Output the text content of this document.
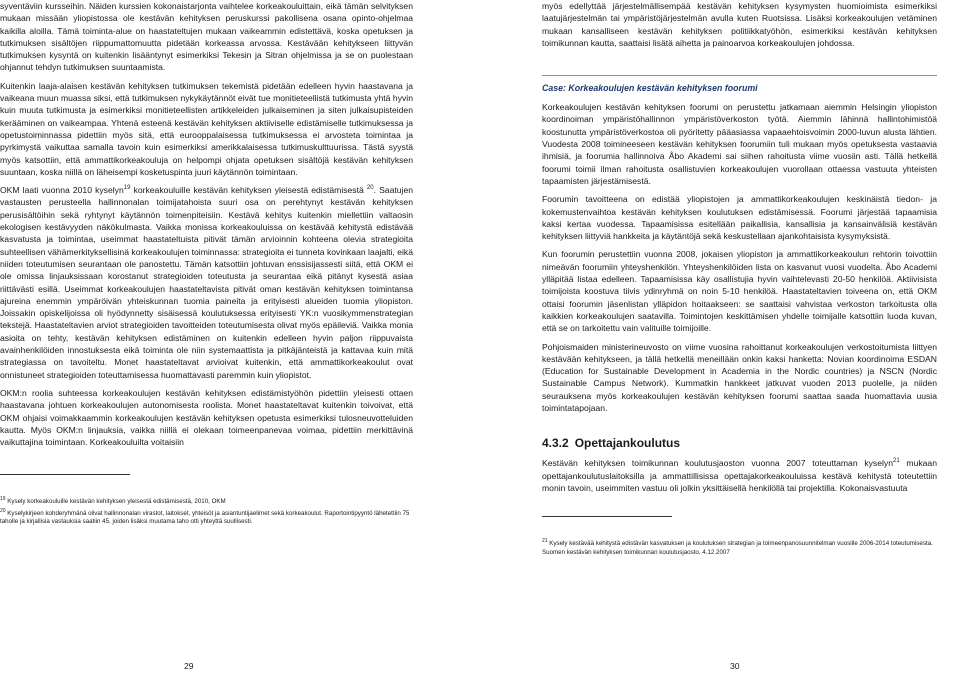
syventäviin kursseihin. Näiden kurssien kokonaistarjonta vaihtelee korkeakouluittain, eikä tämän selvityksen mukaan missään yliopistossa ole kestävän kehityksen peruskurssi pakollisena osana opinto-ohjelmaa kaikilla aloilla. Tämä toiminta-alue on haastateltujen mukaan vaikeammin edistettävä, koska opetuksen ja tutkimuksen sisältöjen riippumattomuutta pidetään korkeassa arvossa. Kestävään kehitykseen liittyvän tutkimuksen kysyntä on kuitenkin lisääntynyt esimerkiksi Tekesin ja Sitran ohjelmissa ja se on puolestaan ohjannut tehdyn tutkimuksen suuntaamista.

Kuitenkin laaja-alaisen kestävän kehityksen tutkimuksen tekemistä pidetään edelleen hyvin haastavana ja vaikeana muun muassa siksi, että tutkimuksen nykykäytännöt eivät tue monitieteellistä tutkimusta yhtä hyvin kuin muuta tutkimusta ja esimerkiksi monitieteellisten artikkeleiden julkaiseminen ja siten julkaisupisteiden kerääminen on vaikeampaa. Yhtenä esteenä kestävän kehityksen aktiiviselle edistämiselle tutkimuksessa ja opetustoiminnassa pidettiin myös sitä, että eurooppalaisessa tutkimuksessa ei arvosteta toimintaa ja pyrkimystä vaikuttaa samalla tavoin kuin esimerkiksi amerikkalaisessa tutkimuskulttuurissa. Tästä syystä myös katsottiin, että ammattikorkeakouluja on helpompi ohjata opetuksen sisältöjä kestävän kehityksen suuntaan, koska niillä on läheisempi kosketuspinta juuri käytännön toimintaan.

OKM laati vuonna 2010 kyselyn$^{19}$ korkeakouluille kestävän kehityksen yleisestä edistämisestä $^{20}$. Saatujen vastausten perusteella hallinnonalan toimijatahoista suuri osa on perehtynyt kestävän kehityksen perusisältöihin sekä ryhtynyt käytännön toimenpiteisiin. Kestävä kehitys kuitenkin miellettiin valtaosin ekologisen kestävyyden näkökulmasta. Vaikka monissa korkeakouluissa on kestävää kehitystä edistävää kasvatusta ja toimintaa, useimmat haastateltuista pitivät tämän arvioinnin kohteena olevia strategioita suhteellisen vähämerkityksellisinä korkeakoulujen toiminnassa: strategioita ei tunneta kovinkaan laajalti, eikä niiden toteutumisen seurantaan ole panostettu. Tämän katsottiin johtuvan enssisijassesti siitä, että OKM ei ole omissa linjauksissaan korostanut strategioiden toteutusta ja seurantaa eikä pitänyt kysestä asiaa riittävästi esillä. Useimmat korkeakoulujen haastateltavista pitivät oman kestävän kehityksen toimintansa ajureina enemmin ympäröivän yhteiskunnan tuomia paineita ja erityisesti alueiden tuomia yliopiston. Joissakin opiskelijoissa oli hyödynnetty sisäisessä koulutuksessa erityisesti YK:n vuosikymmenstrategian tekstejä. Haastateltavien arviot strategioiden tavoitteiden toteutumisesta olivat myös epäileviä. Vaikka monia asioita on tehty, kestävän kehityksen edistäminen on kuitenkin edelleen hyvin paljon riippuvaista avainhenkilöiden innostuksesta eikä toiminta ole niin systemaattista ja pitkäjänteistä ja kattavaa kuin mitä strategiassa on tavoiteltu. Monet haastateltavat arvioivat kuitenkin, että ammattikorkeakoulut ovat onnistuneet strategioiden toteuttamisessa huomattavasti paremmin kuin yliopistot.

OKM:n roolia suhteessa korkeakoulujen kestävän kehityksen edistämistyöhön pidettiin yleisesti ottaen haastavana johtuen korkeakoulujen autonomisesta roolista. Monet haastateltavat kuitenkin toivoivat, että OKM ohjaisi voimakkaammin korkeakoulujen kestävän kehityksen opetusta esimerkiksi tulosneuvotteluiden kautta. Myös OKM:n linjauksia, vaikka niillä ei olekaan toimeenpanevaa voimaa, pidettiin merkittävinä vaikuttajina toimintaan. Korkeakouluilta voitaisiin

$^{19}$ Kysely korkeakouluille kestävän kehityksen yleisestä edistämisestä, 2010, OKM

$^{20}$ Kyselykirjeen kohderyhmänä olivat hallinnonalan virastot, laitokset, yhteisöt ja asiantuntijaelimet sekä korkeakoulut. Raportointipyyntö lähetettiin 75 taholle ja kirjallisia vastauksia saatiin 45, joiden lisäksi muutama taho otti yhteyttä suullisesti.

29

myös edellyttää järjestelmällisempää kestävän kehityksen kysymysten huomioimista esimerkiksi laatujärjestelmän tai ympäristöjärjestelmän avulla kuten Ruotsissa. Lisäksi korkeakoulujen vetäminen mukaan kansalliseen kestävän kehityksen politiikkatyöhön, esimerkiksi kestävän kehityksen toimikunnan kautta, saattaisi lisätä aihetta ja painoarvoa korkeakoulujen johdossa.

Case: Korkeakoulujen kestävän kehityksen foorumi

Korkeakoulujen kestävän kehityksen foorumi on perustettu jatkamaan aiemmin Helsingin yliopiston koordinoiman ympäristöhallinnon ympäristöverkoston työtä. Aiemmin lähinnä hallintohimistöä koostunutta ympäristöverkostoa oli pyöritetty pääasiassa vapaaehtoisvoimin 2000-luvun alusta lähtien. Vuodesta 2008 toimineeseen kestävän kehityksen foorumiin tuli mukaan myös opetuksesta vastaavia ihmisiä, ja foorumia hallinnoiva Åbo Akademi sai siihen rahoitusta viime vuosiin asti. Tällä hetkellä foorumi toimii ilman rahoitusta osallistuvien korkeakoulujen vuorollaan ottaessa vastuuta yhteisten tapaamisten järjestämisestä.

Foorumin tavoitteena on edistää yliopistojen ja ammattikorkeakoulujen keskinäistä tiedon- ja kokemustenvaihtoa kestävän kehityksen koulutuksen edistämisessä. Foorumi järjestää tapaamisia kaksi kertaa vuodessa. Tapaamisissa esitellään paikallisia, kansallisia ja kansainvälisiä kestävän kehityksen liittyviä hankkeita ja käytäntöjä sekä keskustellaan ajankohtaisista kysymyksistä.

Kun foorumin perustettiin vuonna 2008, jokaisen yliopiston ja ammattikorkeakoulun rehtorin toivottiin nimeävän foorumiin yhteyshenkilön. Yhteyshenkilöiden lista on kasvanut vuosi vuodelta. Åbo Academi ylläpitää listaa edelleen. Tapaamisissa käy osallistujia hyvin vaihtelevasti 20-50 henkilöä. Aktiivisista toimijoista koostuva tiivis ydinryhmä on noin 5-10 henkilöä. Haastateltavien toiveena on, että OKM ottaisi foorumin jäsenlistan ylläpidon hoitaakseen: se saattaisi vahvistaa verkoston tarkoitusta olla kaikkien korkeakoulujen saatavilla. Toimintojen keskittämisen yhdelle toimijalle katsottiin luoda kuvan, että se on tarkoitettu vain valituille toimijoille.

Pohjoismaiden ministerineuvosto on viime vuosina rahoittanut korkeakoulujen verkostoitumista liittyen kestävään kehitykseen, ja tällä hetkellä meneillään onkin kaksi hanketta: Novian koordinoima ESDAN (Education for Sustainable Development in Academia in the Nordic countries) ja NSCN (Nordic Sustainable Campus Network). Kummatkin hankkeet jatkuvat vuoden 2013 puolelle, ja niiden seurauksena myös korkeakoulujen kestävän kehityksen foorumi saattaa saada huomattavia uusia toimintatapojaan.

4.3.2 Opettajankoulutus

Kestävän kehityksen toimikunnan koulutusjaoston vuonna 2007 toteuttaman kyselyn$^{21}$ mukaan opettajankoulutuslaitoksilla ja ammattillisissa opettajakorkeakouluissa kestävä kehitystä toteutettiin monin tavoin, useimmiten vastuu oli jolkin yksittäisellä henkilöllä tai projektilla. Kokonaisvastuuta

$^{21}$ Kysely kestävää kehitystä edistävän kasvatuksen ja koulutuksen strategian ja toimeenpanosuunnitelman vuosille 2006-2014 toteutumisesta. Suomen kestävän kehityksen toimikunnan koulutusjaosto. 4.12.2007

30
